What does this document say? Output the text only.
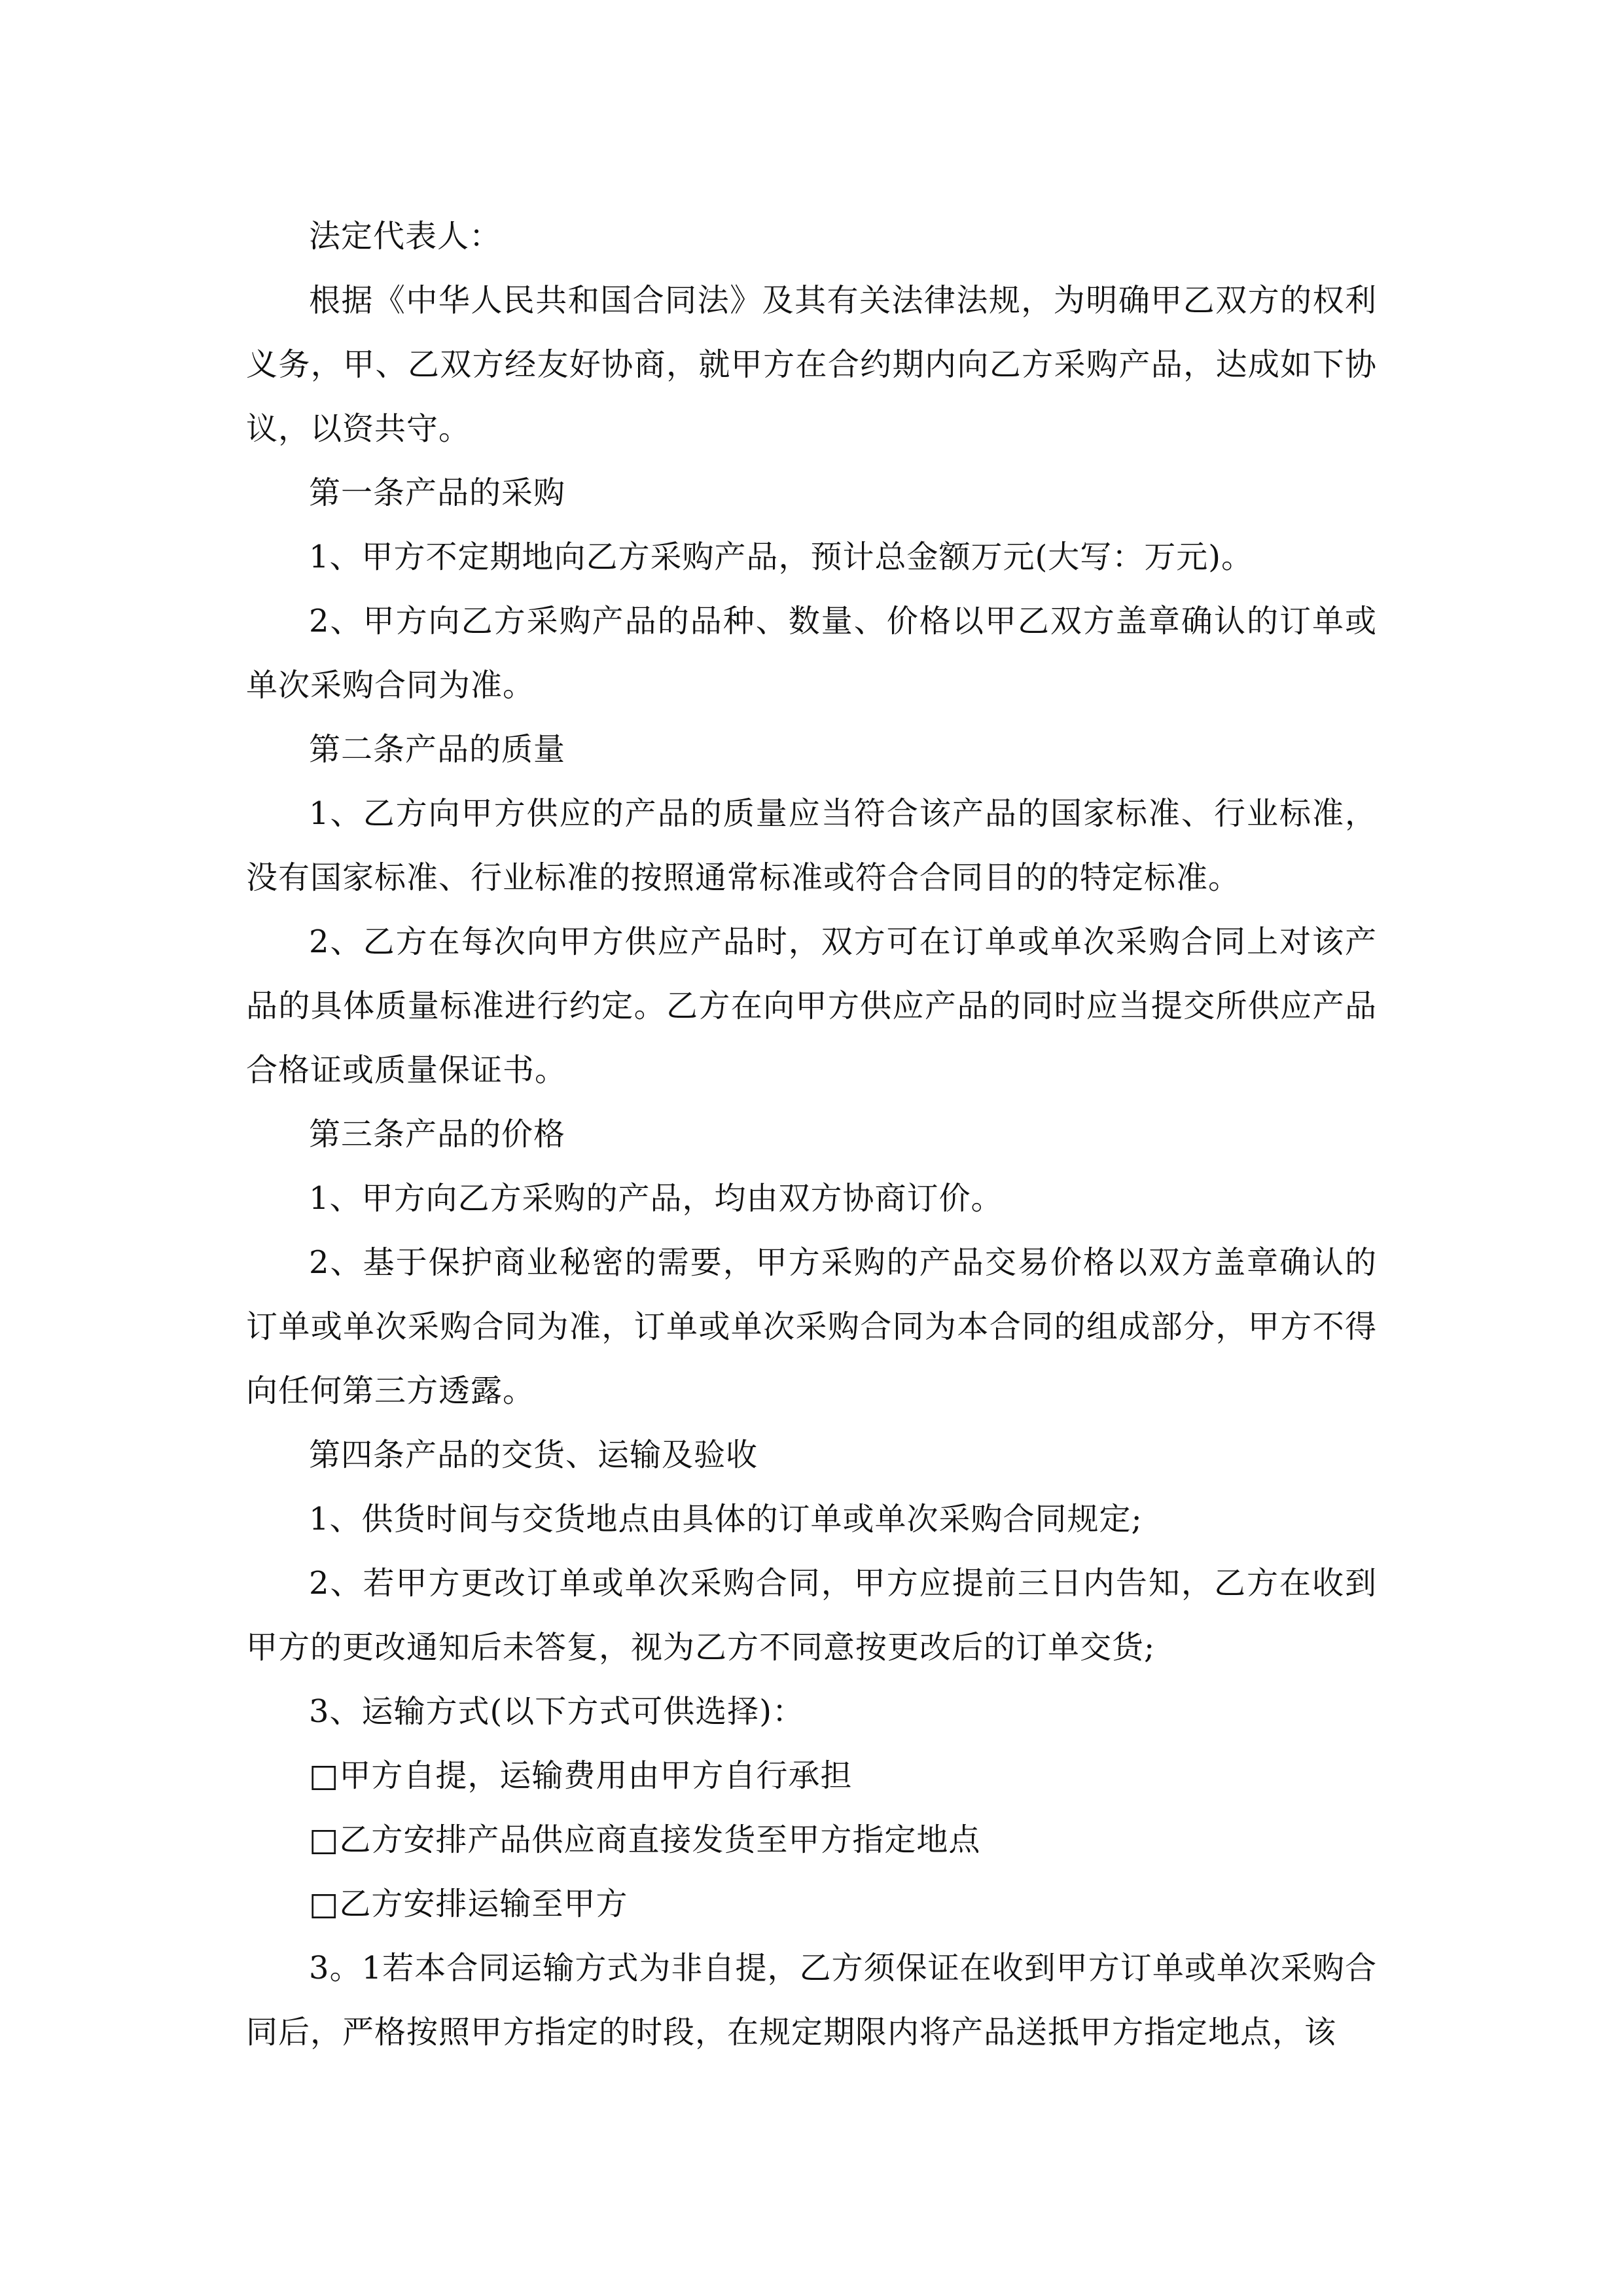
法定代表人：

根据《中华人民共和国合同法》及其有关法律法规，为明确甲乙双方的权利义务，甲、乙双方经友好协商，就甲方在合约期内向乙方采购产品，达成如下协议，以资共守。

第一条产品的采购

1、甲方不定期地向乙方采购产品，预计总金额万元(大写：万元)。

2、甲方向乙方采购产品的品种、数量、价格以甲乙双方盖章确认的订单或单次采购合同为准。

第二条产品的质量

1、乙方向甲方供应的产品的质量应当符合该产品的国家标准、行业标准，没有国家标准、行业标准的按照通常标准或符合合同目的的特定标准。

2、乙方在每次向甲方供应产品时，双方可在订单或单次采购合同上对该产品的具体质量标准进行约定。乙方在向甲方供应产品的同时应当提交所供应产品合格证或质量保证书。

第三条产品的价格

1、甲方向乙方采购的产品，均由双方协商订价。

2、基于保护商业秘密的需要，甲方采购的产品交易价格以双方盖章确认的订单或单次采购合同为准，订单或单次采购合同为本合同的组成部分，甲方不得向任何第三方透露。

第四条产品的交货、运输及验收

1、供货时间与交货地点由具体的订单或单次采购合同规定;

2、若甲方更改订单或单次采购合同，甲方应提前三日内告知，乙方在收到甲方的更改通知后未答复，视为乙方不同意按更改后的订单交货;

3、运输方式(以下方式可供选择)：

□甲方自提，运输费用由甲方自行承担

□乙方安排产品供应商直接发货至甲方指定地点

□乙方安排运输至甲方

3。1若本合同运输方式为非自提，乙方须保证在收到甲方订单或单次采购合同后，严格按照甲方指定的时段，在规定期限内将产品送抵甲方指定地点，该
